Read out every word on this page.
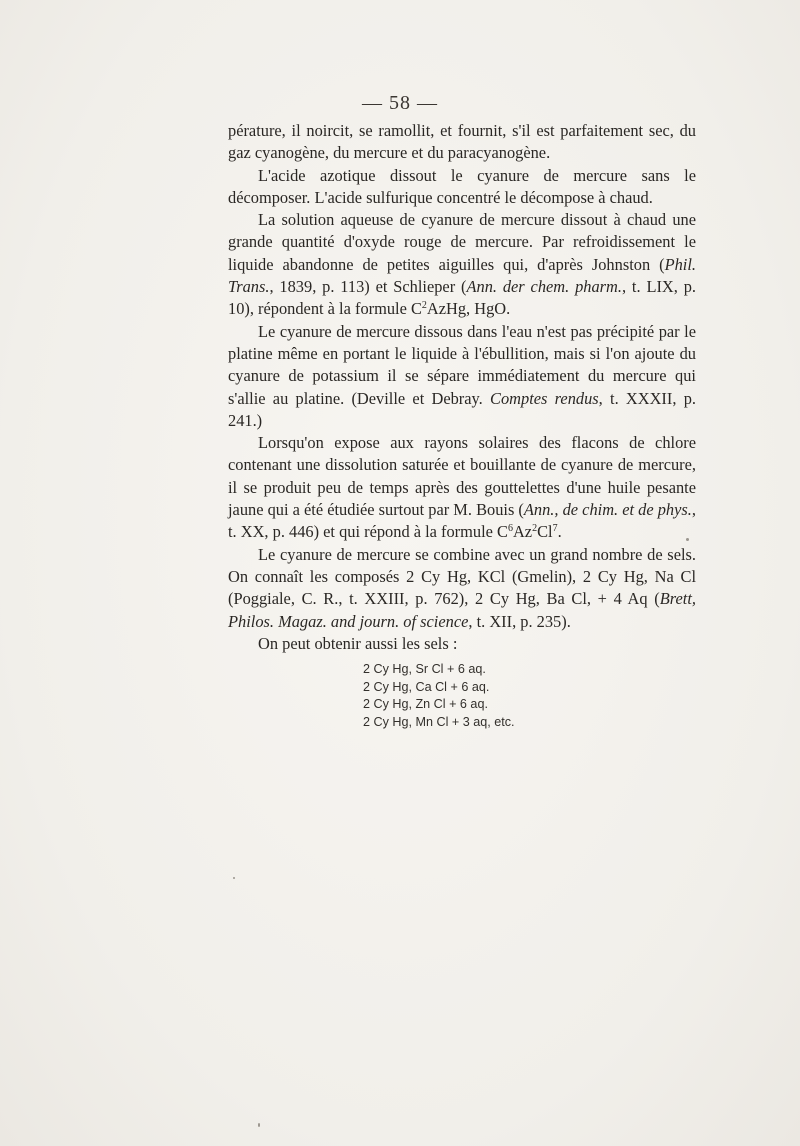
— 58 —

pérature, il noircit, se ramollit, et fournit, s'il est parfaitement sec, du gaz cyanogène, du mercure et du paracyanogène.

L'acide azotique dissout le cyanure de mercure sans le décomposer. L'acide sulfurique concentré le décompose à chaud.

La solution aqueuse de cyanure de mercure dissout à chaud une grande quantité d'oxyde rouge de mercure. Par refroidissement le liquide abandonne de petites aiguilles qui, d'après Johnston (Phil. Trans., 1839, p. 113) et Schlieper (Ann. der chem. pharm., t. LIX, p. 10), répondent à la formule $C^2AzHg$, HgO.

Le cyanure de mercure dissous dans l'eau n'est pas précipité par le platine même en portant le liquide à l'ébullition, mais si l'on ajoute du cyanure de potassium il se sépare immédiatement du mercure qui s'allie au platine. (Deville et Debray. Comptes rendus, t. XXXII, p. 241.)

Lorsqu'on expose aux rayons solaires des flacons de chlore contenant une dissolution saturée et bouillante de cyanure de mercure, il se produit peu de temps après des gouttelettes d'une huile pesante jaune qui a été étudiée surtout par M. Bouis (Ann., de chim. et de phys., t. XX, p. 446) et qui répond à la formule $C^6Az^2Cl^7$.

Le cyanure de mercure se combine avec un grand nombre de sels. On connaît les composés 2 Cy Hg, KCl (Gmelin), 2 Cy Hg, Na Cl (Poggiale, C. R., t. XXIII, p. 762), 2 Cy Hg, Ba Cl, + 4 Aq (Brett, Philos. Magaz. and journ. of science, t. XII, p. 235).

On peut obtenir aussi les sels :

2 Cy Hg, Sr Cl + 6 aq.
2 Cy Hg, Ca Cl + 6 aq.
2 Cy Hg, Zn Cl + 6 aq.
2 Cy Hg, Mn Cl + 3 aq, etc.
